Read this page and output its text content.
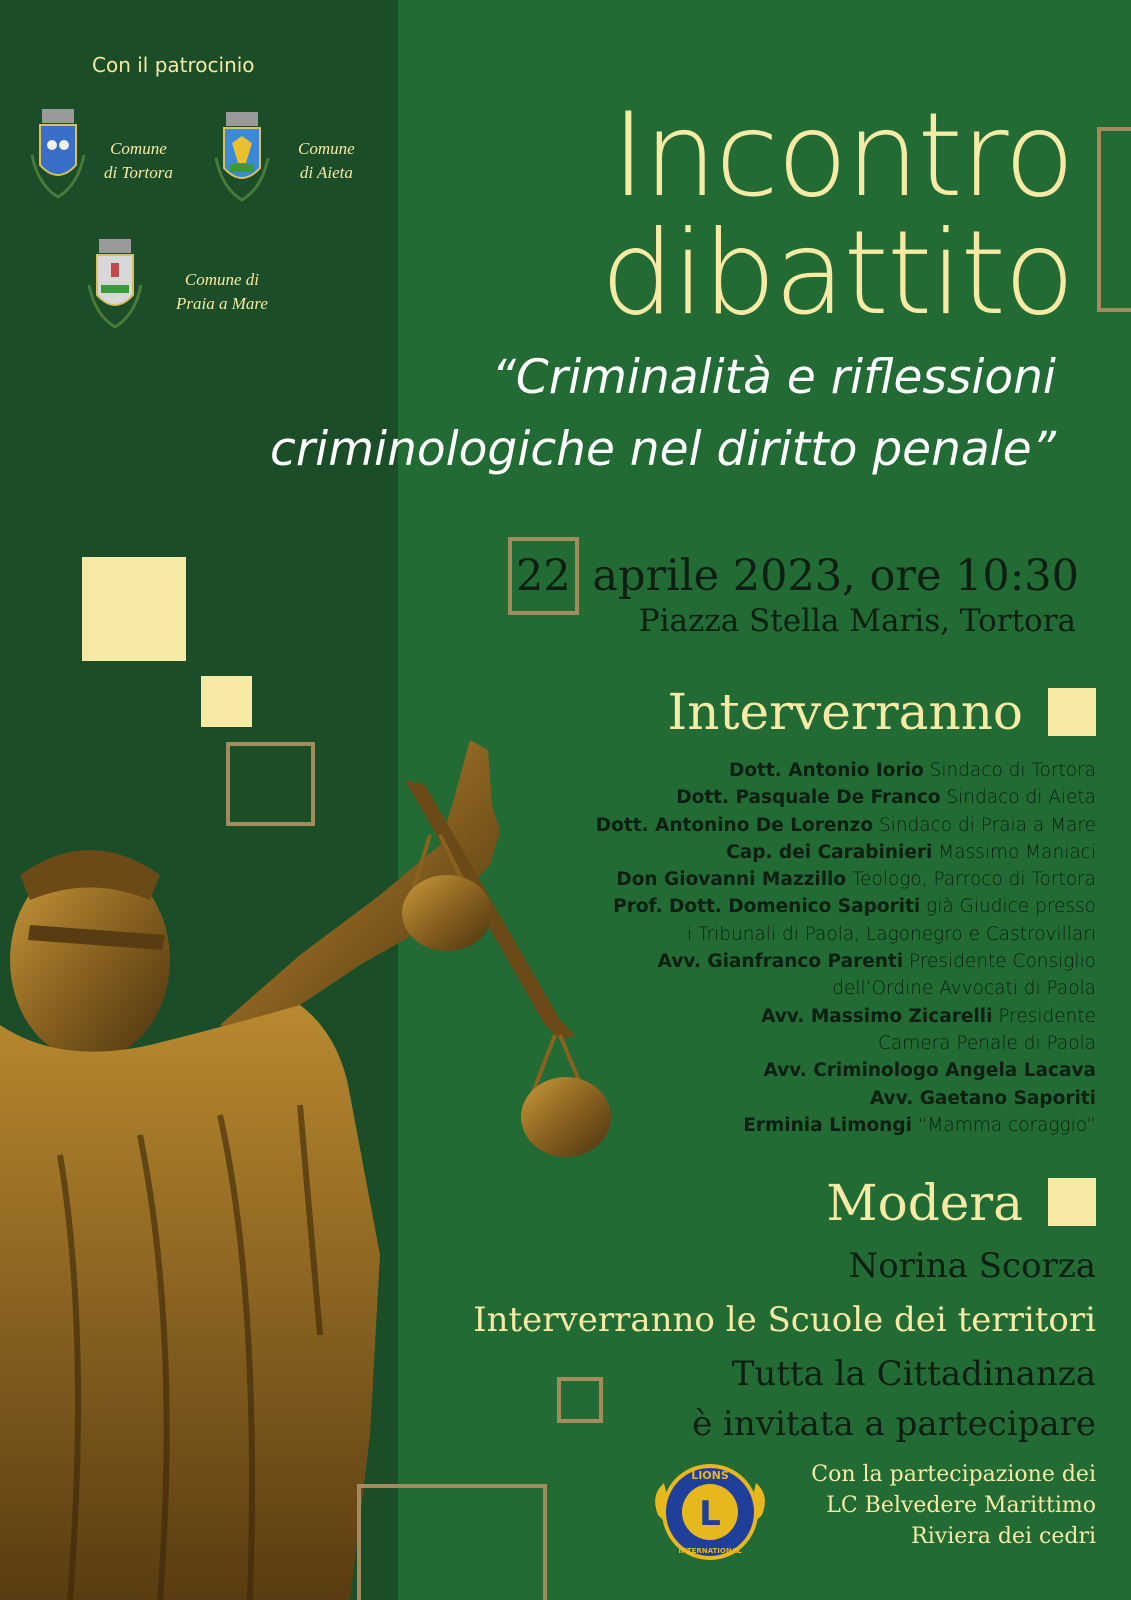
Con il patrocinio
Comune
di Tortora
Comune
di Aieta
Comune di
Praia a Mare
Incontro
dibattito
“Criminalità e riflessioni
criminologiche nel diritto penale”
22 aprile 2023, ore 10:30
Piazza Stella Maris, Tortora
Interverranno
Dott. Antonio Iorio Sindaco di Tortora
Dott. Pasquale De Franco Sindaco di Aieta
Dott. Antonino De Lorenzo Sindaco di Praia a Mare
Cap. dei Carabinieri Massimo Maniaci
Don Giovanni Mazzillo Teologo, Parroco di Tortora
Prof. Dott. Domenico Saporiti già Giudice presso
i Tribunali di Paola, Lagonegro e Castrovillari
Avv. Gianfranco Parenti Presidente Consiglio
dell’Ordine Avvocati di Paola
Avv. Massimo Zicarelli Presidente
Camera Penale di Paola
Avv. Criminologo Angela Lacava
Avv. Gaetano Saporiti
Erminia Limongi “Mamma coraggio”
Modera
Norina Scorza
Interverranno le Scuole dei territori
Tutta la Cittadinanza
è invitata a partecipare
L
LIONS
INTERNATIONAL
Con la partecipazione dei
LC Belvedere Marittimo
Riviera dei cedri
